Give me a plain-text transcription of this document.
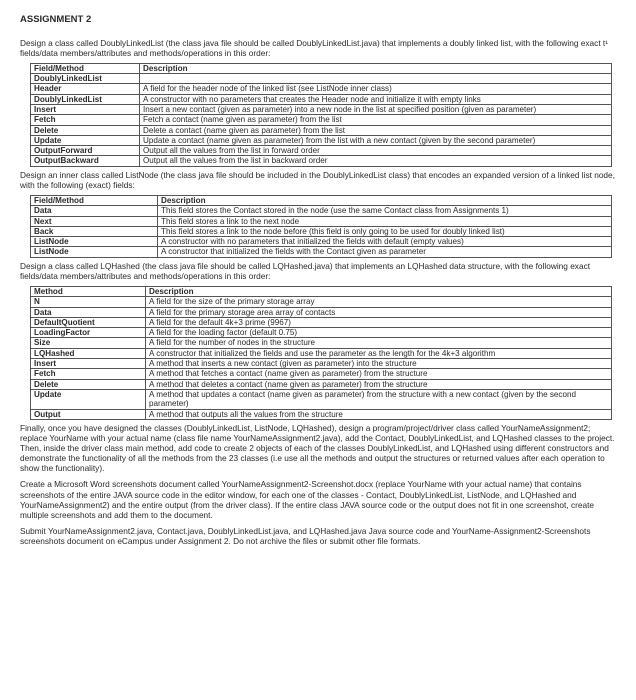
ASSIGNMENT 2

Design a class called DoublyLinkedList (the class java file should be called DoublyLinkedList.java) that implements a doubly linked list, with the following exact t¹ fields/data members/attributes and methods/operations in this order:

Field/Method	Description
DoublyLinkedList	
Header	A field for the header node of the linked list (see ListNode inner class)
DoublyLinkedList	A constructor with no parameters that creates the Header node and initialize it with empty links
Insert	Insert a new contact (given as parameter) into a new node in the list at specified position (given as parameter)
Fetch	Fetch a contact (name given as parameter) from the list
Delete	Delete a contact (name given as parameter) from the list
Update	Update a contact (name given as parameter) from the list with a new contact (given by the second parameter)
OutputForward	Output all the values from the list in forward order
OutputBackward	Output all the values from the list in backward order

Design an inner class called ListNode (the class java file should be included in the DoublyLinkedList class) that encodes an expanded version of a linked list node, with the following (exact) fields:

Field/Method	Description
Data	This field stores the Contact stored in the node (use the same Contact class from Assignments 1)
Next	This field stores a link to the next node
Back	This field stores a link to the node before (this field is only going to be used for doubly linked list)
ListNode	A constructor with no parameters that initialized the fields with default (empty values)
ListNode	A constructor that initialized the fields with the Contact given as parameter

Design a class called LQHashed (the class java file should be called LQHashed.java) that implements an LQHashed data structure, with the following exact fields/data members/attributes and methods/operations in this order:

Method	Description
N	A field for the size of the primary storage array
Data	A field for the primary storage area array of contacts
DefaultQuotient	A field for the default 4k+3 prime (9967)
LoadingFactor	A field for the loading factor (default 0.75)
Size	A field for the number of nodes in the structure
LQHashed	A constructor that initialized the fields and use the parameter as the length for the 4k+3 algorithm
Insert	A method that inserts a new contact (given as parameter) into the structure
Fetch	A method that fetches a contact (name given as parameter) from the structure
Delete	A method that deletes a contact (name given as parameter) from the structure
Update	A method that updates a contact (name given as parameter) from the structure with a new contact (given by the second parameter)
Output	A method that outputs all the values from the structure

Finally, once you have designed the classes (DoublyLinkedList, ListNode, LQHashed), design a program/project/driver class called YourNameAssignment2; replace YourName with your actual name (class file name YourNameAssignment2.java), add the Contact, DoublyLinkedList, and LQHashed classes to the project. Then, inside the driver class main method, add code to create 2 objects of each of the classes DoublyLinkedList, and LQHashed using different constructors and demonstrate the functionality of all the methods from the 23 classes (i.e use all the methods and output the structures or returned values after each operation to show the functionality).

Create a Microsoft Word screenshots document called YourNameAssignment2-Screenshot.docx (replace YourName with your actual name) that contains screenshots of the entire JAVA source code in the editor window, for each one of the classes - Contact, DoublyLinkedList, ListNode, and LQHashed and YourNameAssignment2) and the entire output (from the driver class). If the entire class JAVA source code or the output does not fit in one screenshot, create multiple screenshots and add them to the document.

Submit YourNameAssignment2.java, Contact.java, DoublyLinkedList.java, and LQHashed.java Java source code and YourName-Assignment2-Screenshots screenshots document on eCampus under Assignment 2. Do not archive the files or submit other file formats.
